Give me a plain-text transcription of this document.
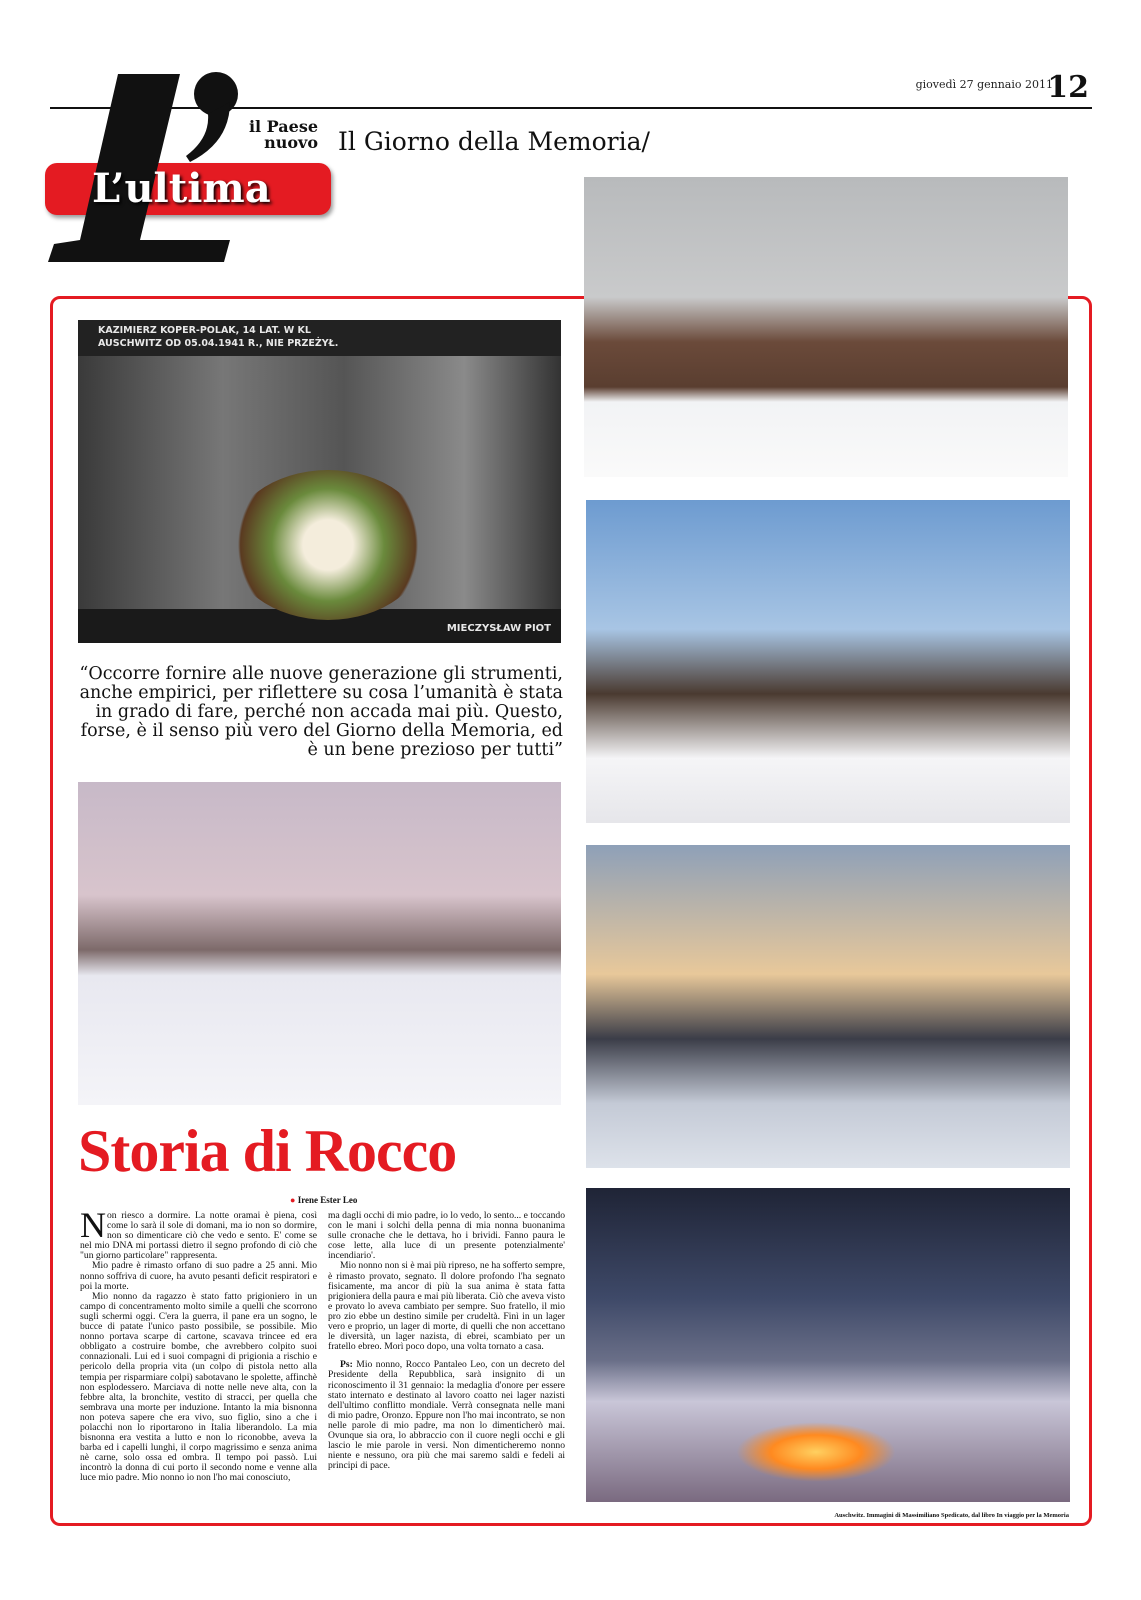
giovedì 27 gennaio 2011
12
L’ultima
il Paese
nuovo Il Giorno della Memoria/
KAZIMIERZ KOPER-POLAK, 14 LAT. W KL AUSCHWITZ OD 05.04.1941 R., NIE PRZEŻYŁ.
MIECZYSŁAW PIOT
“Occorre fornire alle nuove generazione gli strumenti, anche empirici, per riflettere su cosa l’umanità è stata in grado di fare, perché non accada mai più. Questo, forse, è il senso più vero del Giorno della Memoria, ed è un bene prezioso per tutti”
Storia di Rocco
● Irene Ester Leo

Non riesco a dormire. La notte oramai è piena, così come lo sarà il sole di domani, ma io non so dormire, non so dimenticare ciò che vedo e sento. E' come se nel mio DNA mi portassi dietro il segno profondo di ciò che "un giorno particolare" rappresenta.

Mio padre è rimasto orfano di suo padre a 25 anni. Mio nonno soffriva di cuore, ha avuto pesanti deficit respiratori e poi la morte.

Mio nonno da ragazzo è stato fatto prigioniero in un campo di concentramento molto simile a quelli che scorrono sugli schermi oggi. C'era la guerra, il pane era un sogno, le bucce di patate l'unico pasto possibile, se possibile. Mio nonno portava scarpe di cartone, scavava trincee ed era obbligato a costruire bombe, che avrebbero colpito suoi connazionali. Lui ed i suoi compagni di prigionia a rischio e pericolo della propria vita (un colpo di pistola netto alla tempia per risparmiare colpi) sabotavano le spolette, affinchè non esplodessero. Marciava di notte nelle neve alta, con la febbre alta, la bronchite, vestito di stracci, per quella che sembrava una morte per induzione. Intanto la mia bisnonna non poteva sapere che era vivo, suo figlio, sino a che i polacchi non lo riportarono in Italia liberandolo. La mia bisnonna era vestita a lutto e non lo riconobbe, aveva la barba ed i capelli lunghi, il corpo magrissimo e senza anima nè carne, solo ossa ed ombra. Il tempo poi passò. Lui incontrò la donna di cui porto il secondo nome e venne alla luce mio padre. Mio nonno io non l'ho mai conosciuto,

ma dagli occhi di mio padre, io lo vedo, lo sento... e toccando con le mani i solchi della penna di mia nonna buonanima sulle cronache che le dettava, ho i brividi. Fanno paura le cose lette, alla luce di un presente potenzialmente' incendiario'.

Mio nonno non si è mai più ripreso, ne ha sofferto sempre, è rimasto provato, segnato. Il dolore profondo l'ha segnato fisicamente, ma ancor di più la sua anima è stata fatta prigioniera della paura e mai più liberata. Ciò che aveva visto e provato lo aveva cambiato per sempre. Suo fratello, il mio pro zio ebbe un destino simile per crudeltà. Finì in un lager vero e proprio, un lager di morte, di quelli che non accettano le diversità, un lager nazista, di ebrei, scambiato per un fratello ebreo. Morì poco dopo, una volta tornato a casa.

Ps: Mio nonno, Rocco Pantaleo Leo, con un decreto del Presidente della Repubblica, sarà insignito di un riconoscimento il 31 gennaio: la medaglia d'onore per essere stato internato e destinato al lavoro coatto nei lager nazisti dell'ultimo conflitto mondiale. Verrà consegnata nelle mani di mio padre, Oronzo. Eppure non l'ho mai incontrato, se non nelle parole di mio padre, ma non lo dimenticherò mai. Ovunque sia ora, lo abbraccio con il cuore negli occhi e gli lascio le mie parole in versi. Non dimenticheremo nonno niente e nessuno, ora più che mai saremo saldi e fedeli ai principi di pace.

Auschwitz. Immagini di Massimiliano Spedicato, dal libro In viaggio per la Memoria
